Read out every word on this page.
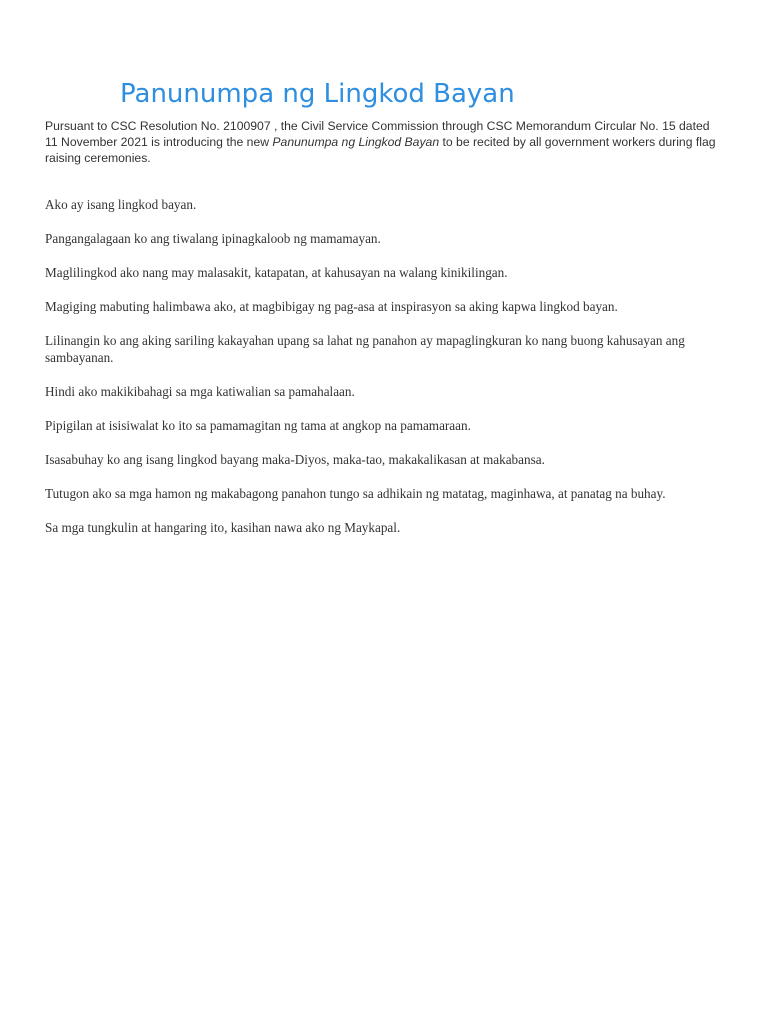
Panunumpa ng Lingkod Bayan

Pursuant to CSC Resolution No. 2100907 , the Civil Service Commission through CSC Memorandum Circular No. 15 dated 11 November 2021 is introducing the new Panunumpa ng Lingkod Bayan to be recited by all government workers during flag raising ceremonies.

Ako ay isang lingkod bayan.
Pangangalagaan ko ang tiwalang ipinagkaloob ng mamamayan.
Maglilingkod ako nang may malasakit, katapatan, at kahusayan na walang kinikilingan.
Magiging mabuting halimbawa ako, at magbibigay ng pag-asa at inspirasyon sa aking kapwa lingkod bayan.
Lilinangin ko ang aking sariling kakayahan upang sa lahat ng panahon ay mapaglingkuran ko nang buong kahusayan ang sambayanan.
Hindi ako makikibahagi sa mga katiwalian sa pamahalaan.
Pipigilan at isisiwalat ko ito sa pamamagitan ng tama at angkop na pamamaraan.
Isasabuhay ko ang isang lingkod bayang maka-Diyos, maka-tao, makakalikasan at makabansa.
Tutugon ako sa mga hamon ng makabagong panahon tungo sa adhikain ng matatag, maginhawa, at panatag na buhay.
Sa mga tungkulin at hangaring ito, kasihan nawa ako ng Maykapal.
